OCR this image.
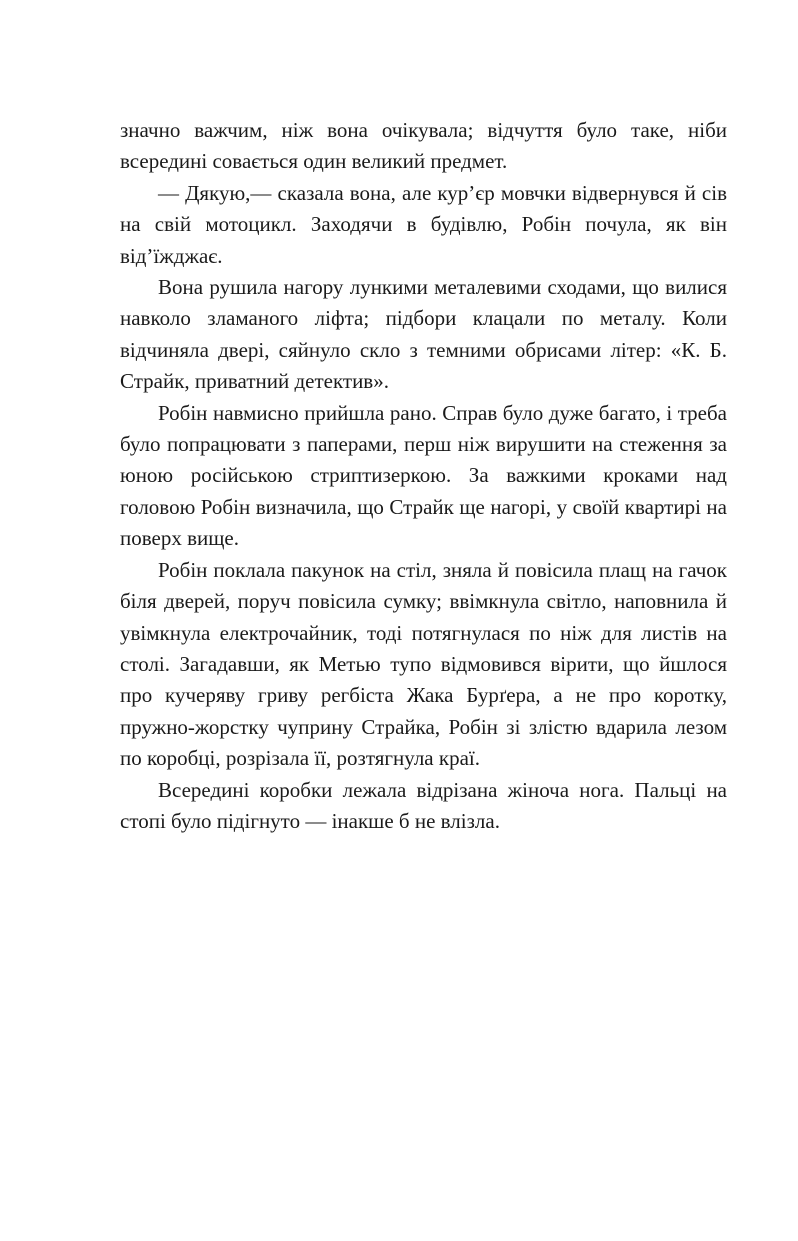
значно важчим, ніж вона очікувала; відчуття було таке, ніби всередині совається один великий предмет.

— Дякую,— сказала вона, але кур’єр мовчки відвернувся й сів на свій мотоцикл. Заходячи в будівлю, Робін почула, як він від’їжджає.

Вона рушила нагору лункими металевими сходами, що вилися навколо зламаного ліфта; підбори клацали по металу. Коли відчиняла двері, сяйнуло скло з темними обрисами літер: «К. Б. Страйк, приватний детектив».

Робін навмисно прийшла рано. Справ було дуже багато, і треба було попрацювати з паперами, перш ніж вирушити на стеження за юною російською стриптизеркою. За важкими кроками над головою Робін визначила, що Страйк ще нагорі, у своїй квартирі на поверх вище.

Робін поклала пакунок на стіл, зняла й повісила плащ на гачок біля дверей, поруч повісила сумку; ввімкнула світло, наповнила й увімкнула електрочайник, тоді потягнулася по ніж для листів на столі. Загадавши, як Метью тупо відмовився вірити, що йшлося про кучеряву гриву регбіста Жака Бурґера, а не про коротку, пружно-жорстку чуприну Страйка, Робін зі злістю вдарила лезом по коробці, розрізала її, розтягнула краї.

Всередині коробки лежала відрізана жіноча нога. Пальці на стопі було підігнуто — інакше б не влізла.
